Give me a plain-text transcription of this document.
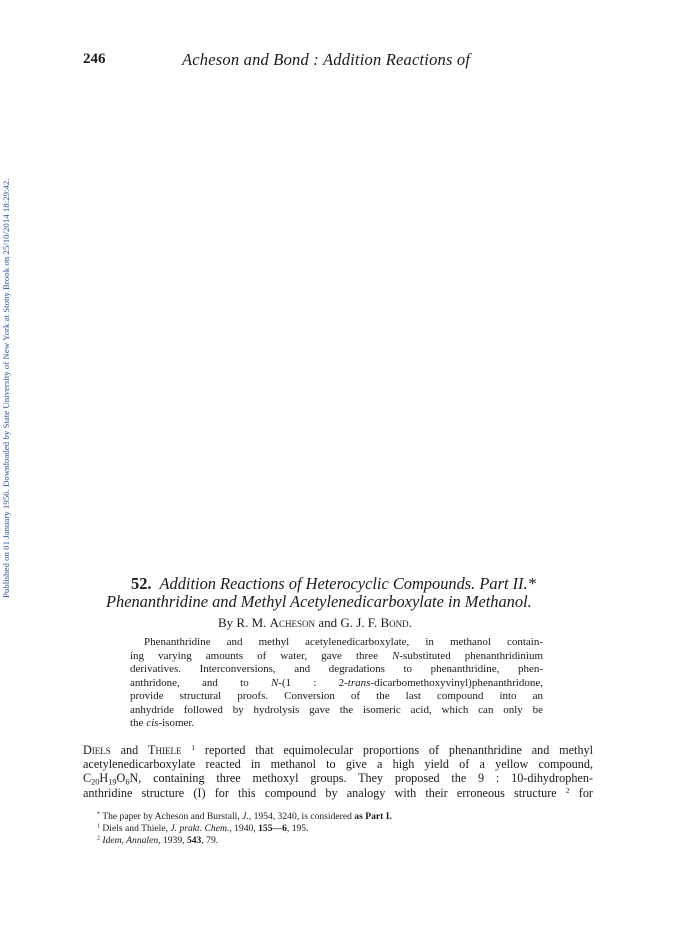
Published on 01 January 1956. Downloaded by State University of New York at Stony Brook on 25/10/2014 18:29:42.
246	Acheson and Bond : Addition Reactions of
52. Addition Reactions of Heterocyclic Compounds. Part II.*
Phenanthridine and Methyl Acetylenedicarboxylate in Methanol.
By R. M. Acheson and G. J. F. Bond.
Phenanthridine and methyl acetylenedicarboxylate, in methanol contain-
ing varying amounts of water, gave three N-substituted phenanthridinium
derivatives. Interconversions, and degradations to phenanthridine, phen-
anthridone, and to N-(1 : 2-trans-dicarbomethoxyvinyl)phenanthridone,
provide structural proofs. Conversion of the last compound into an
anhydride followed by hydrolysis gave the isomeric acid, which can only be
the cis-isomer.
Diels and Thiele $^1$ reported that equimolecular proportions of phenanthridine and methyl
acetylenedicarboxylate reacted in methanol to give a high yield of a yellow compound,
$C_{20}H_{19}O_6N$, containing three methoxyl groups. They proposed the 9 : 10-dihydrophen-
anthridine structure (I) for this compound by analogy with their erroneous structure $^2$ for
* The paper by Acheson and Burstall, J., 1954, 3240, is considered as Part I.
$^1$ Diels and Thiele, J. prakt. Chem., 1940, 155—6, 195.
$^2$ Idem, Annalen, 1939, 543, 79.
